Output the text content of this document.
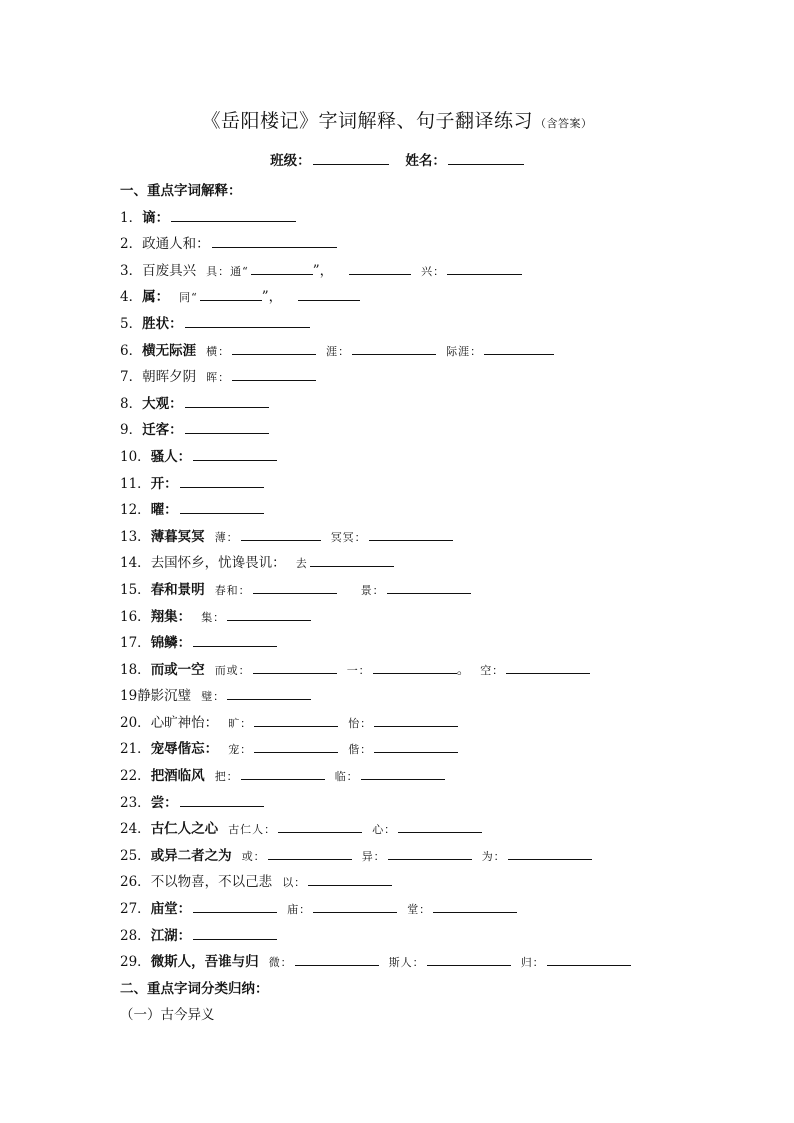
《岳阳楼记》字词解释、句子翻译练习 （含答案）
班级：	姓名：
一、重点字词解释：
1．谪：
2．政通人和：
3．百废具兴 具：通“	”，	兴：
4．属： 同“	”，
5．胜状：
6．横无际涯 横：	涯：	际涯：
7．朝晖夕阴 晖：
8．大观：
9．迁客：
10．骚人：
11．开：
12．曜：
13．薄暮冥冥 薄：	冥冥：
14．去国怀乡，忧谗畏讥： 去
15．春和景明 春和：	景：
16．翔集： 集：
17．锦鳞：
18．而或一空 而或：	一：	。 空：
19静影沉璧 璧：
20．心旷神怡： 旷：	怡：
21．宠辱偕忘： 宠：	偕：
22．把酒临风 把：	临：
23．尝：
24．古仁人之心 古仁人：	心：
25．或异二者之为 或：	异：	为：
26．不以物喜，不以己悲 以：
27．庙堂：	庙：	堂：
28．江湖：
29．微斯人，吾谁与归 微：	斯人：	归：
二、重点字词分类归纳：
（一）古今异义
